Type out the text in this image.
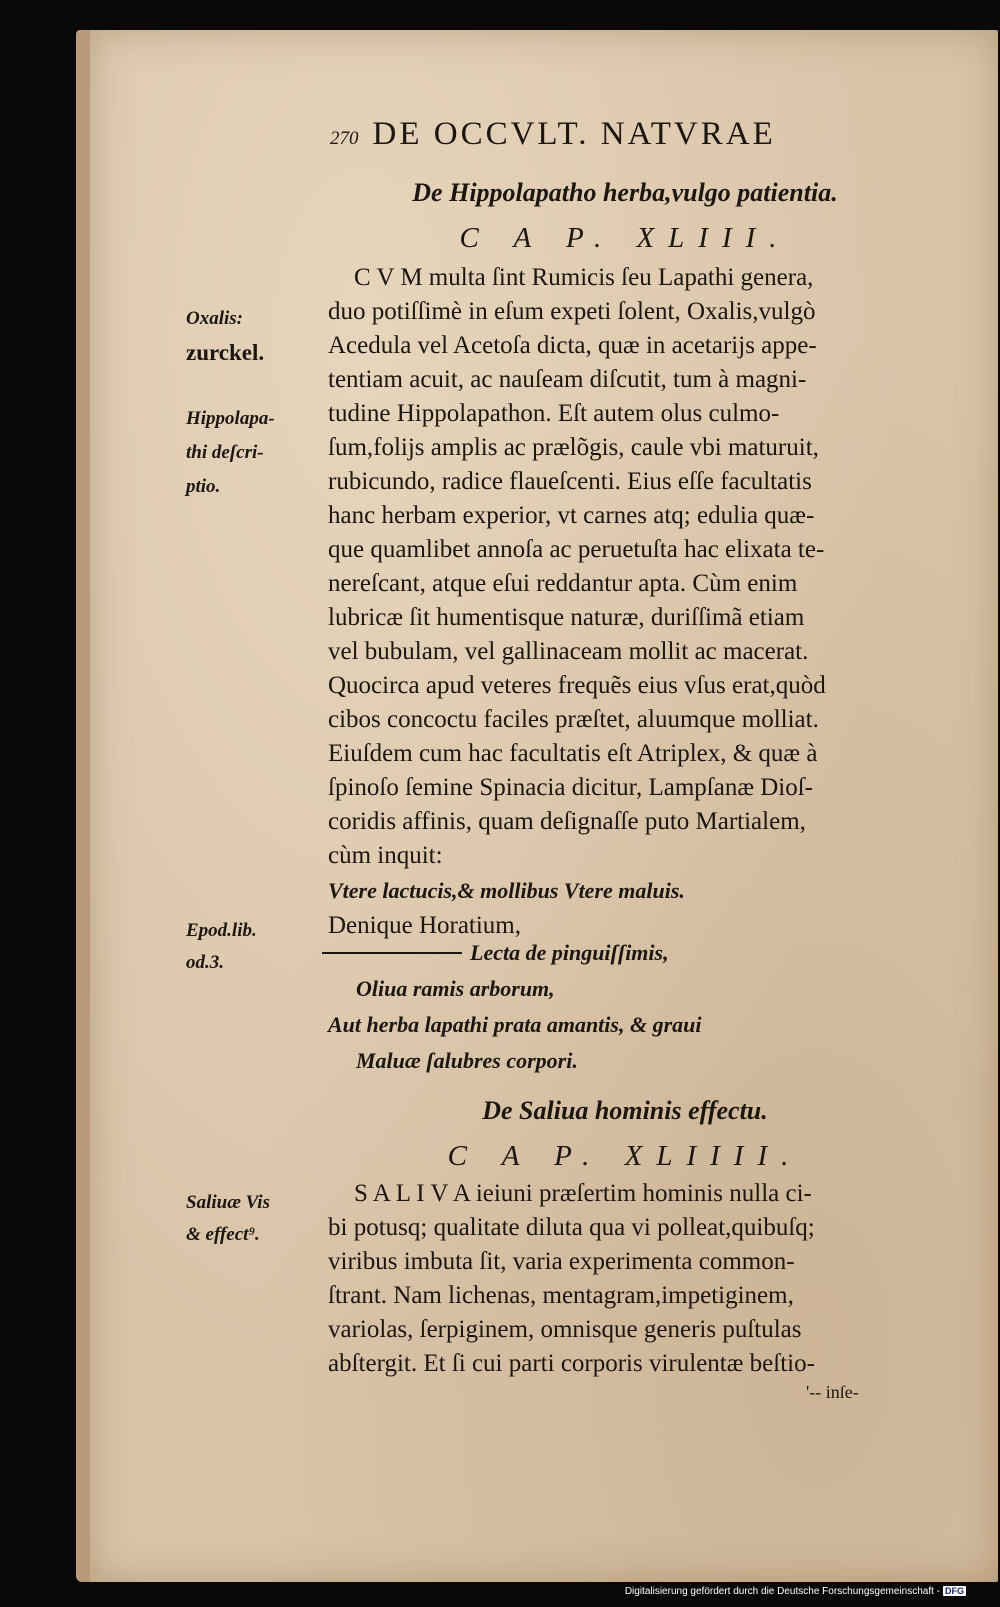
270 DE OCCVLT. NATVRAE
De Hippolapatho herba,vulgo patientia.
C A P. XLIII.
C V M multa ſint Rumicis ſeu Lapathi genera,
duo potiſſimè in eſum expeti ſolent, Oxalis,vulgò
Acedula vel Acetoſa dicta, quæ in acetarijs appe-
tentiam acuit, ac nauſeam diſcutit, tum à magni-
tudine Hippolapathon. Eſt autem olus culmo-
ſum,folijs amplis ac prælõgis, caule vbi maturuit,
rubicundo, radice flaueſcenti. Eius eſſe facultatis
hanc herbam experior, vt carnes atq; edulia quæ-
que quamlibet annoſa ac peruetuſta hac elixata te-
nereſcant, atque eſui reddantur apta. Cùm enim
lubricæ ſit humentisque naturæ, duriſſimã etiam
vel bubulam, vel gallinaceam mollit ac macerat.
Quocirca apud veteres frequẽs eius vſus erat,quòd
cibos concoctu faciles præſtet, aluumque molliat.
Eiuſdem cum hac facultatis eſt Atriplex, & quæ à
ſpinoſo ſemine Spinacia dicitur, Lampſanæ Dioſ-
coridis affinis, quam deſignaſſe puto Martialem,
cùm inquit:
Vtere lactucis,& mollibus Vtere maluis.
Denique Horatium,
Lecta de pinguiſſimis,
Oliua ramis arborum,
Aut herba lapathi prata amantis, & graui
Maluæ ſalubres corpori.
De Saliua hominis effectu.
C A P. XLIIII.
S A L I V A ieiuni præſertim hominis nulla ci-
bi potusq; qualitate diluta qua vi polleat,quibuſq;
viribus imbuta ſit, varia experimenta common-
ſtrant. Nam lichenas, mentagram,impetiginem,
variolas, ſerpiginem, omnisque generis puſtulas
abſtergit. Et ſi cui parti corporis virulentæ beſtio-
'-- inſe-
Oxalis:
zurckel.
Hippolapa-
thi deſcri-
ptio.
Epod.lib.
od.3.
Saliuæ Vis
& effect⁹.
Digitalisierung gefördert durch die Deutsche Forschungsgemeinschaft - DFG
